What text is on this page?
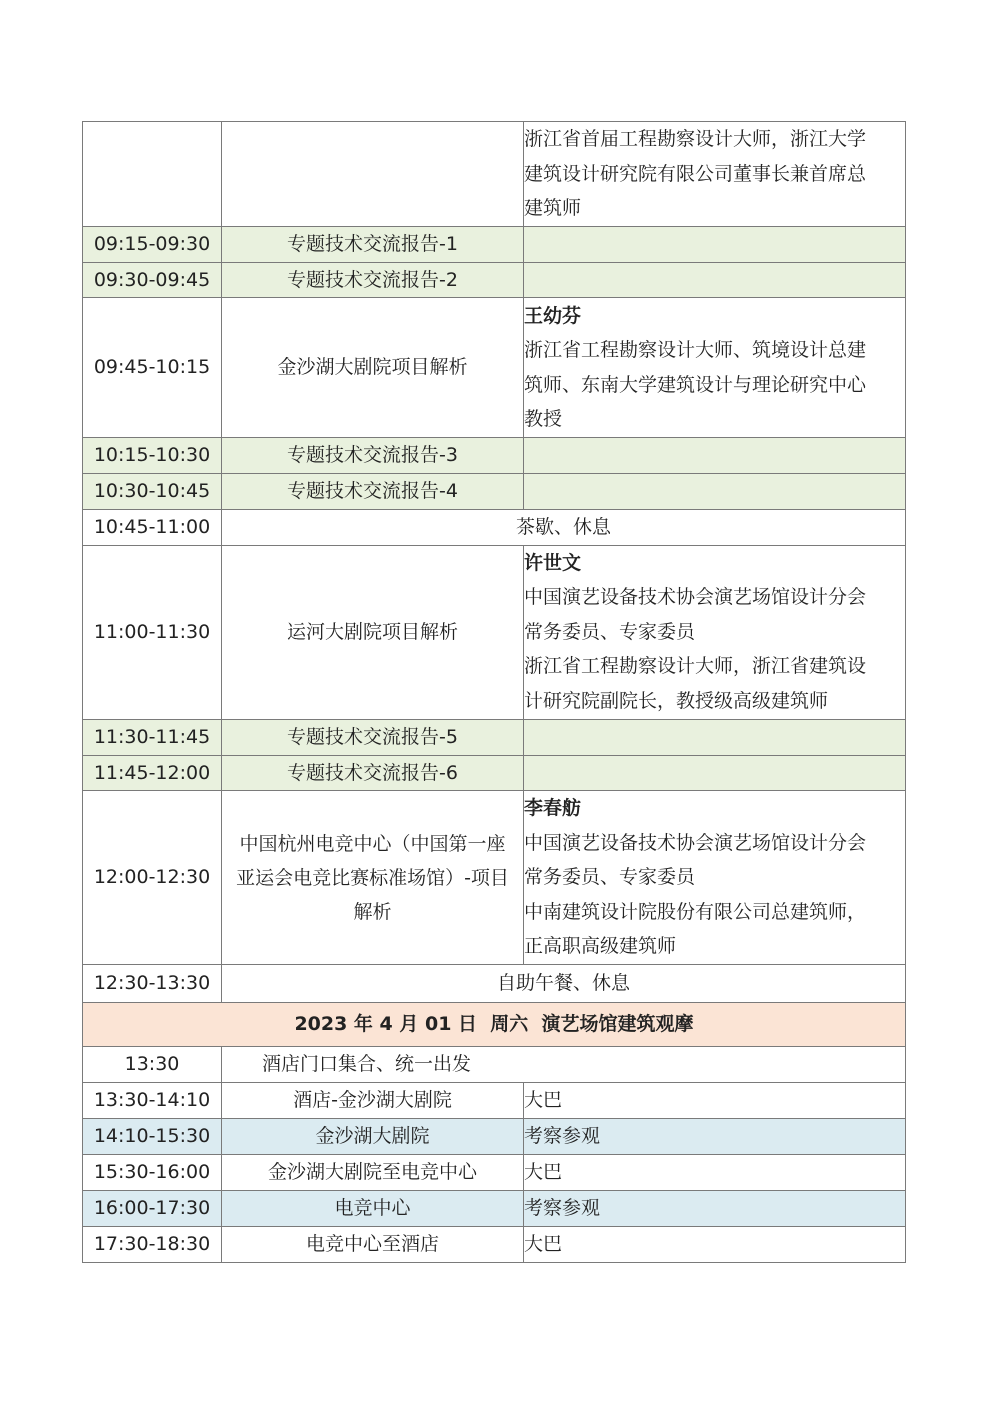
		浙江省首届工程勘察设计大师，浙江大学
建筑设计研究院有限公司董事长兼首席总
建筑师

09:15-09:30	专题技术交流报告-1	
09:30-09:45	专题技术交流报告-2	
09:45-10:15	金沙湖大剧院项目解析	王幼芬
浙江省工程勘察设计大师、筑境设计总建
筑师、东南大学建筑设计与理论研究中心
教授

10:15-10:30	专题技术交流报告-3	
10:30-10:45	专题技术交流报告-4	
10:45-11:00	茶歇、休息	
11:00-11:30	运河大剧院项目解析	许世文
中国演艺设备技术协会演艺场馆设计分会
常务委员、专家委员
浙江省工程勘察设计大师，浙江省建筑设
计研究院副院长，教授级高级建筑师

11:30-11:45	专题技术交流报告-5	
11:45-12:00	专题技术交流报告-6	
12:00-12:30	中国杭州电竞中心（中国第一座
亚运会电竞比赛标准场馆）-项目
解析	李春舫
中国演艺设备技术协会演艺场馆设计分会
常务委员、专家委员
中南建筑设计院股份有限公司总建筑师，
正高职高级建筑师

12:30-13:30	自助午餐、休息	
2023 年 4 月 01 日 周六 演艺场馆建筑观摩		
13:30	酒店门口集合、统一出发	
13:30-14:10	酒店-金沙湖大剧院	大巴
14:10-15:30	金沙湖大剧院	考察参观
15:30-16:00	金沙湖大剧院至电竞中心	大巴
16:00-17:30	电竞中心	考察参观
17:30-18:30	电竞中心至酒店	大巴
